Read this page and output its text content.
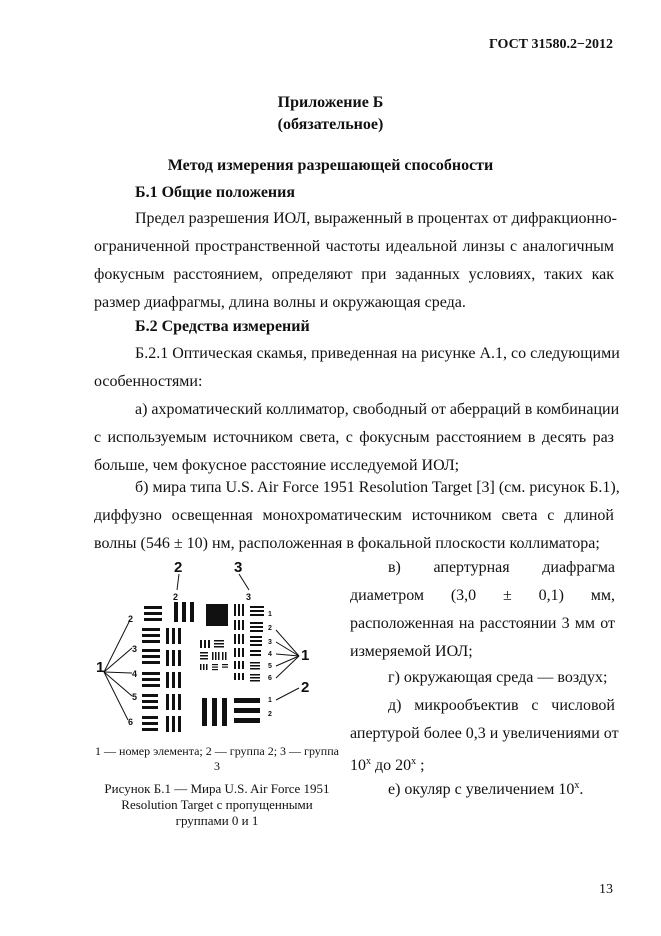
ГОСТ 31580.2−2012
Приложение Б
(обязательное)
Метод измерения разрешающей способности
Б.1 Общие положения
Предел разрешения ИОЛ, выраженный в процентах от дифракционно-
ограниченной пространственной частоты идеальной линзы с аналогичным
фокусным расстоянием, определяют при заданных условиях, таких как
размер диафрагмы, длина волны и окружающая среда.
Б.2 Средства измерений
Б.2.1 Оптическая скамья, приведенная на рисунке А.1, со следующими
особенностями:
а) ахроматический коллиматор, свободный от аберраций в комбинации
с используемым источником света, с фокусным расстоянием в десять раз
больше, чем фокусное расстояние исследуемой ИОЛ;
б) мира типа U.S. Air Force 1951 Resolution Target [3] (см. рисунок Б.1),
диффузно освещенная монохроматическим источником света с длиной
волны (546 ± 10) нм, расположенная в фокальной плоскости коллиматора;
2	3
1
1
2
2	3
2
3
4
5
6
1
2
3
4
5
6
1
2
1 — номер элемента; 2 — группа 2; 3 — группа 3
Рисунок Б.1 — Мира U.S. Air Force 1951
Resolution Target с пропущенными
группами 0 и 1
в) апертурная диафрагма
диаметром (3,0 ± 0,1) мм,
расположенная на расстоянии 3 мм от
измеряемой ИОЛ;
г) окружающая среда — воздух;
д) микрообъектив с числовой
апертурой более 0,3 и увеличениями от
$10^х$ до $20^х$ ;
е) окуляр с увеличением $10^х$.
13
